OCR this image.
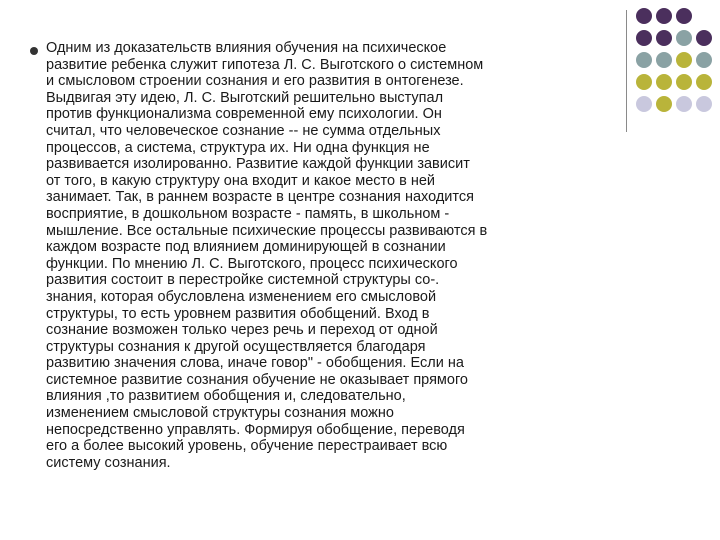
Одним из доказательств влияния обучения на психическое
развитие ребенка служит гипотеза Л. С. Выготского о системном
и смысловом строении сознания и его развития в онтогенезе.
Выдвигая эту идею, Л. С. Выготский решительно выступал
против функционализма современной ему психологии. Он
считал, что человеческое сознание -- не сумма отдельных
процессов, а система, структура их. Ни одна функция не
развивается изолированно. Развитие каждой функции зависит
от того, в какую структуру она входит и какое место в ней
занимает. Так, в раннем возрасте в центре сознания находится
восприятие, в дошкольном возрасте - память, в школьном -
мышление. Все остальные психические процессы развиваются в
каждом возрасте под влиянием доминирующей в сознании
функции. По мнению Л. С. Выготского, процесс психического
развития состоит в перестройке системной структуры со-.
знания, которая обусловлена изменением его смысловой
структуры, то есть уровнем развития обобщений. Вход в
сознание возможен только через речь и переход от одной
структуры сознания к другой осуществляется благодаря
развитию значения слова, иначе говор" - обобщения. Если на
системное развитие сознания обучение не оказывает прямого
влияния ,то развитием обобщения и, следовательно,
изменением смысловой структуры сознания можно
непосредственно управлять. Формируя обобщение, переводя
его а более высокий уровень, обучение перестраивает всю
систему сознания.
